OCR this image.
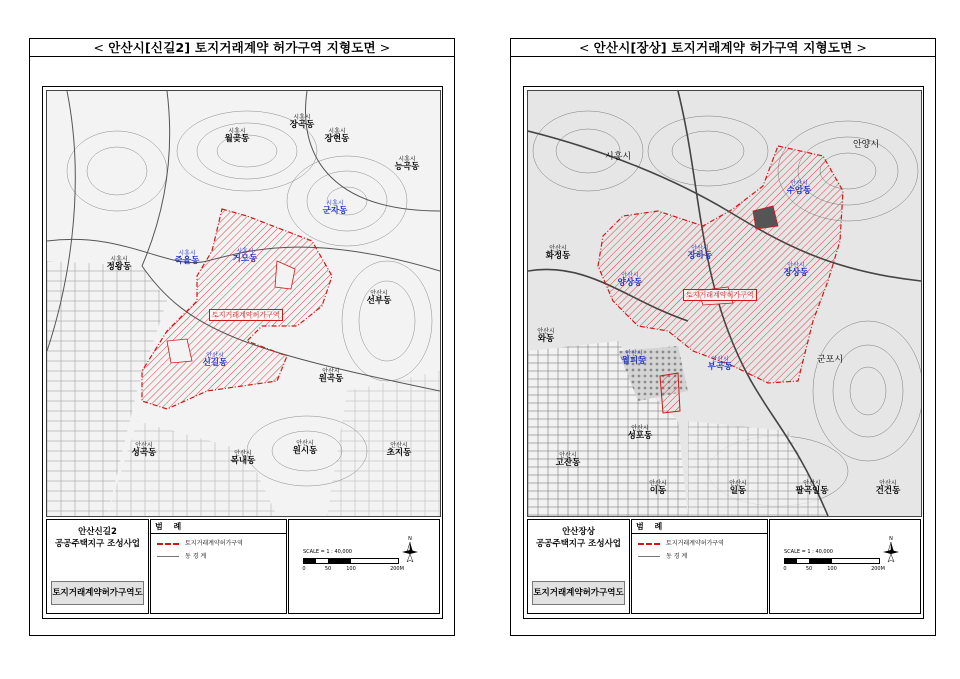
< 안산시[신길2] 토지거래계약 허가구역 지형도면 >
토지거래계약허가구역
시흥시
장곡동
시흥시
월곶동
시흥시
장현동
시흥시
능곡동
시흥시
군자동
시흥시
거모동
시흥시
죽율동
시흥시
정왕동
안산시
선부동
안산시
신길동
안산시
원곡동
안산시
성곡동	안산시
목내동
안산시
원시동
안산시
초지동
안산신길2
공공주택지구 조성사업
토지거래계약허가구역도
범 례
토지거래계약허가구역
동 경 계
SCALE = 1 : 40,000
0	50	100	200M
N
< 안산시[장상] 토지거래계약 허가구역 지형도면 >
토지거래계약허가구역
시흥시
안양시
안산시
수암동
안산시
장하동
안산시
화정동
안산시
양상동
안산시
장상동
안산시
와동
안산시
월피동	안산시
부곡동
군포시
안산시
성포동
안산시
고잔동
안산시
이동
안산시
일동
안산시
팔곡일동
안산시
건건동
안산장상
공공주택지구 조성사업
토지거래계약허가구역도
범 례
토지거래계약허가구역
동 경 계
SCALE = 1 : 40,000
0	50	100	200M
N
